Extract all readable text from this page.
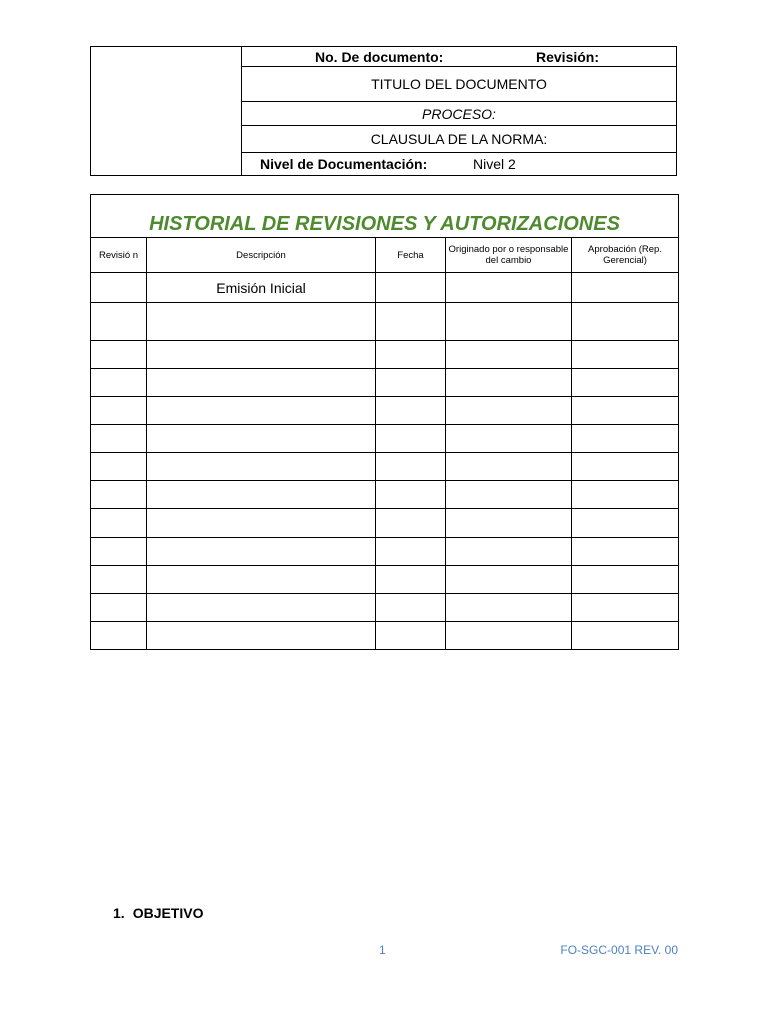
No. De documento:	Revisión:
TITULO DEL DOCUMENTO
PROCESO:
CLAUSULA DE LA NORMA:
Nivel de Documentación:	Nivel 2
HISTORIAL DE REVISIONES Y AUTORIZACIONES				
Revisió n	Descripción	Fecha	Originado por o responsable del cambio	Aprobación (Rep. Gerencial)
	Emisión Inicial			

1. OBJETIVO
1	FO-SGC-001 REV. 00
